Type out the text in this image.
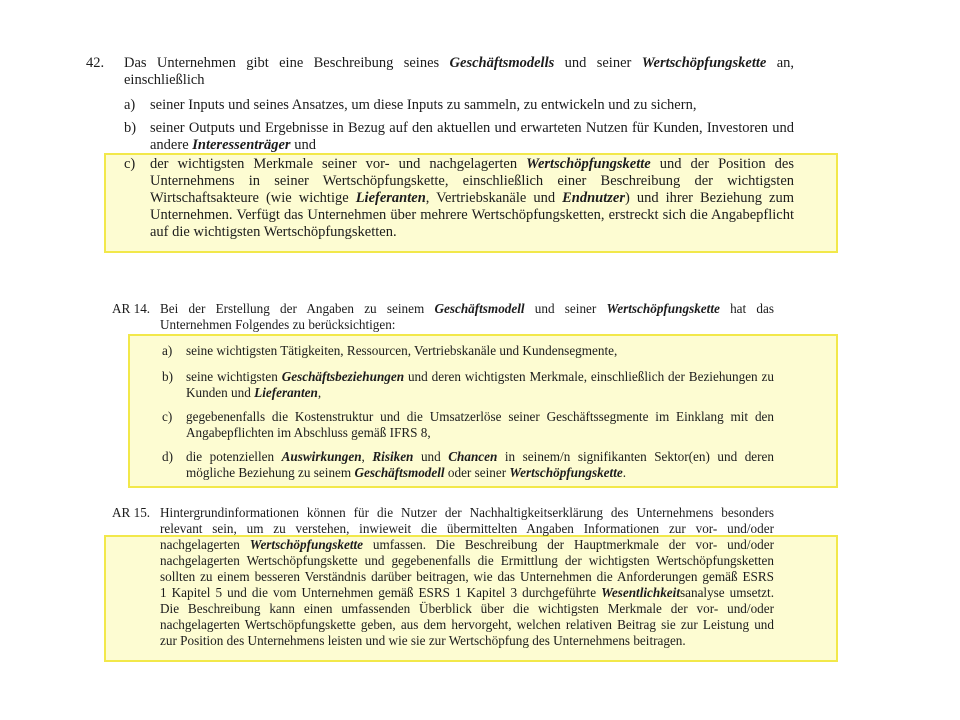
42. Das Unternehmen gibt eine Beschreibung seines Geschäftsmodells und seiner Wertschöpfungskette an,
einschließlich
a) seiner Inputs und seines Ansatzes, um diese Inputs zu sammeln, zu entwickeln und zu sichern,
b) seiner Outputs und Ergebnisse in Bezug auf den aktuellen und erwarteten Nutzen für Kunden, Investoren und
andere Interessenträger und
c) der wichtigsten Merkmale seiner vor- und nachgelagerten Wertschöpfungskette und der Position des
Unternehmens in seiner Wertschöpfungskette, einschließlich einer Beschreibung der wichtigsten
Wirtschaftsakteure (wie wichtige Lieferanten, Vertriebskanäle und Endnutzer) und ihrer Beziehung zum
Unternehmen. Verfügt das Unternehmen über mehrere Wertschöpfungsketten, erstreckt sich die Angabepflicht
auf die wichtigsten Wertschöpfungsketten.
AR 14. Bei der Erstellung der Angaben zu seinem Geschäftsmodell und seiner Wertschöpfungskette hat das
Unternehmen Folgendes zu berücksichtigen:
a) seine wichtigsten Tätigkeiten, Ressourcen, Vertriebskanäle und Kundensegmente,
b) seine wichtigsten Geschäftsbeziehungen und deren wichtigsten Merkmale, einschließlich der Beziehungen zu
Kunden und Lieferanten,
c) gegebenenfalls die Kostenstruktur und die Umsatzerlöse seiner Geschäftssegmente im Einklang mit den
Angabepflichten im Abschluss gemäß IFRS 8,
d) die potenziellen Auswirkungen, Risiken und Chancen in seinem/n signifikanten Sektor(en) und deren
mögliche Beziehung zu seinem Geschäftsmodell oder seiner Wertschöpfungskette.
AR 15. Hintergrundinformationen können für die Nutzer der Nachhaltigkeitserklärung des Unternehmens besonders
relevant sein, um zu verstehen, inwieweit die übermittelten Angaben Informationen zur vor- und/oder
nachgelagerten Wertschöpfungskette umfassen. Die Beschreibung der Hauptmerkmale der vor- und/oder
nachgelagerten Wertschöpfungskette und gegebenenfalls die Ermittlung der wichtigsten Wertschöpfungsketten
sollten zu einem besseren Verständnis darüber beitragen, wie das Unternehmen die Anforderungen gemäß ESRS
1 Kapitel 5 und die vom Unternehmen gemäß ESRS 1 Kapitel 3 durchgeführte Wesentlichkeitsanalyse umsetzt.
Die Beschreibung kann einen umfassenden Überblick über die wichtigsten Merkmale der vor- und/oder
nachgelagerten Wertschöpfungskette geben, aus dem hervorgeht, welchen relativen Beitrag sie zur Leistung und
zur Position des Unternehmens leisten und wie sie zur Wertschöpfung des Unternehmens beitragen.
